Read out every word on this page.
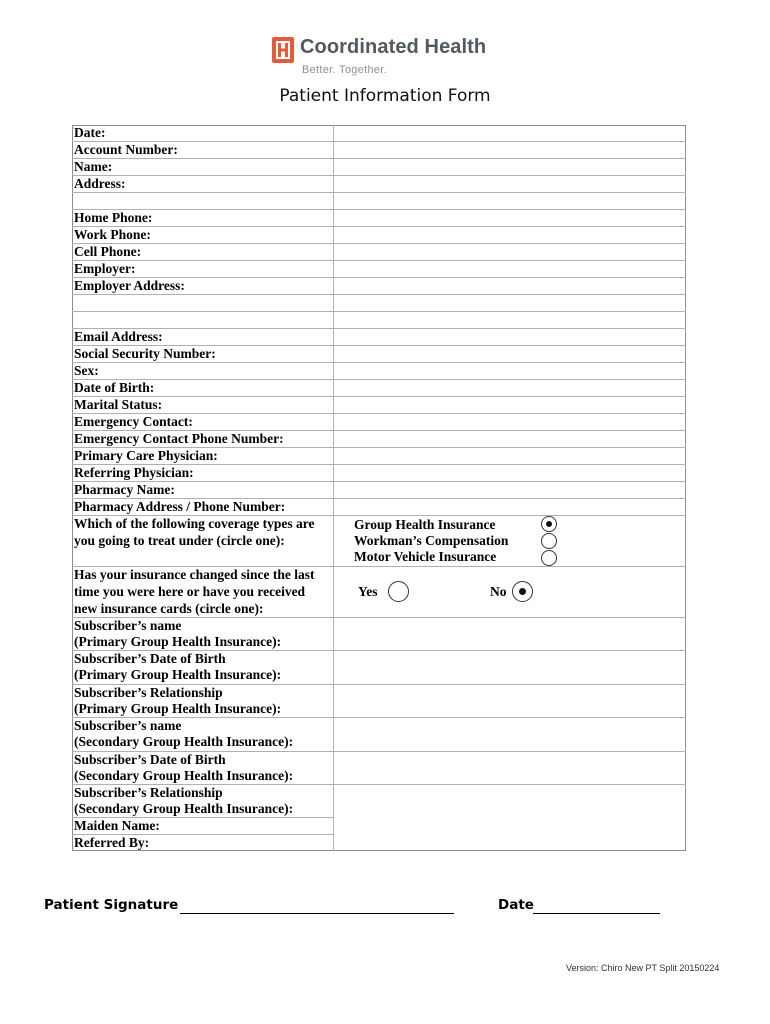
Coordinated Health
Better. Together.
Patient Information Form
Date:
Account Number:
Name:
Address:
Home Phone:
Work Phone:
Cell Phone:
Employer:
Employer Address:
Email Address:
Social Security Number:
Sex:
Date of Birth:
Marital Status:
Emergency Contact:
Emergency Contact Phone Number:
Primary Care Physician:
Referring Physician:
Pharmacy Name:
Pharmacy Address / Phone Number:
Which of the following coverage types are
you going to treat under (circle one):
Group Health Insurance
Workman’s Compensation
Motor Vehicle Insurance
Has your insurance changed since the last
time you were here or have you received
new insurance cards (circle one):
Yes	No
Subscriber’s name
(Primary Group Health Insurance):
Subscriber’s Date of Birth
(Primary Group Health Insurance):
Subscriber’s Relationship
(Primary Group Health Insurance):
Subscriber’s name
(Secondary Group Health Insurance):
Subscriber’s Date of Birth
(Secondary Group Health Insurance):
Subscriber’s Relationship
(Secondary Group Health Insurance):
Maiden Name:
Referred By:
Patient Signature	Date
Version: Chiro New PT Split 20150224
